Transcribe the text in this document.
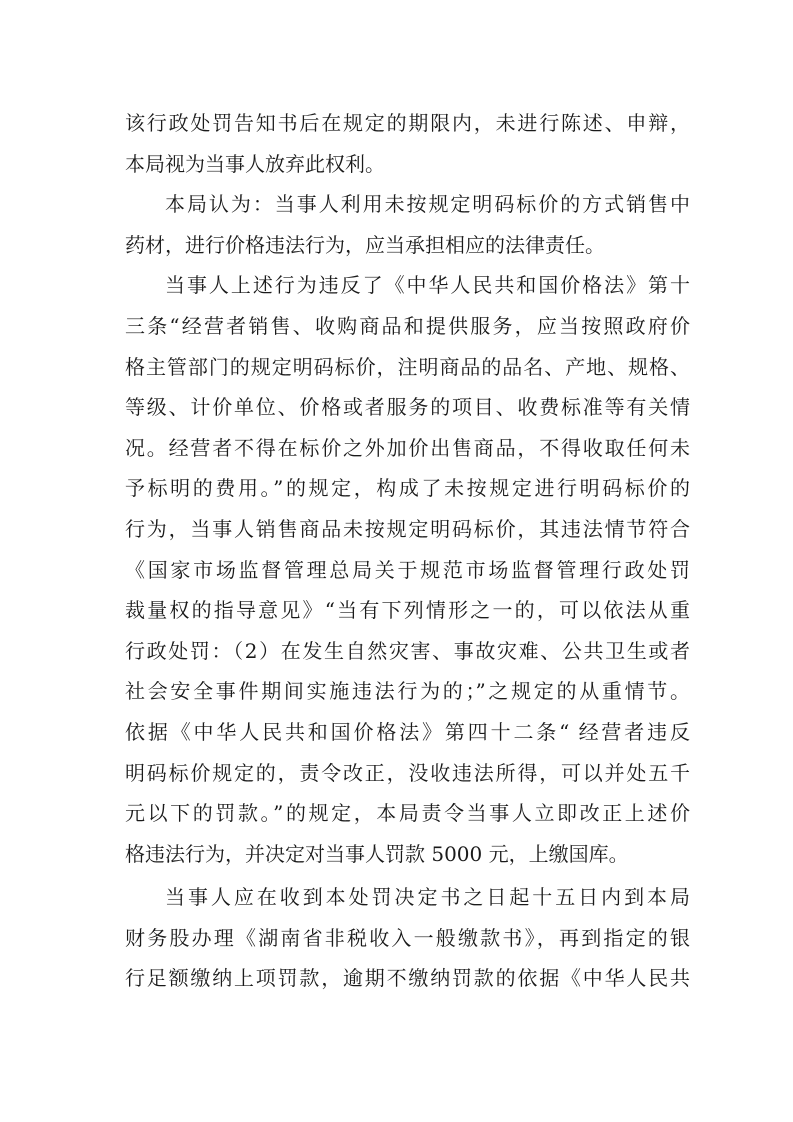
该行政处罚告知书后在规定的期限内，未进行陈述、申辩，
本局视为当事人放弃此权利。
本局认为：当事人利用未按规定明码标价的方式销售中
药材，进行价格违法行为，应当承担相应的法律责任。
当事人上述行为违反了《中华人民共和国价格法》第十
三条“经营者销售、收购商品和提供服务，应当按照政府价
格主管部门的规定明码标价，注明商品的品名、产地、规格、
等级、计价单位、价格或者服务的项目、收费标准等有关情
况。经营者不得在标价之外加价出售商品，不得收取任何未
予标明的费用。”的规定，构成了未按规定进行明码标价的
行为，当事人销售商品未按规定明码标价，其违法情节符合
《国家市场监督管理总局关于规范市场监督管理行政处罚
裁量权的指导意见》“当有下列情形之一的，可以依法从重
行政处罚：（2）在发生自然灾害、事故灾难、公共卫生或者
社会安全事件期间实施违法行为的；”之规定的从重情节。
依据《中华人民共和国价格法》第四十二条“ 经营者违反
明码标价规定的，责令改正，没收违法所得，可以并处五千
元以下的罚款。”的规定，本局责令当事人立即改正上述价
格违法行为，并决定对当事人罚款 5000 元，上缴国库。
当事人应在收到本处罚决定书之日起十五日内到本局
财务股办理《湖南省非税收入一般缴款书》，再到指定的银
行足额缴纳上项罚款，逾期不缴纳罚款的依据《中华人民共
